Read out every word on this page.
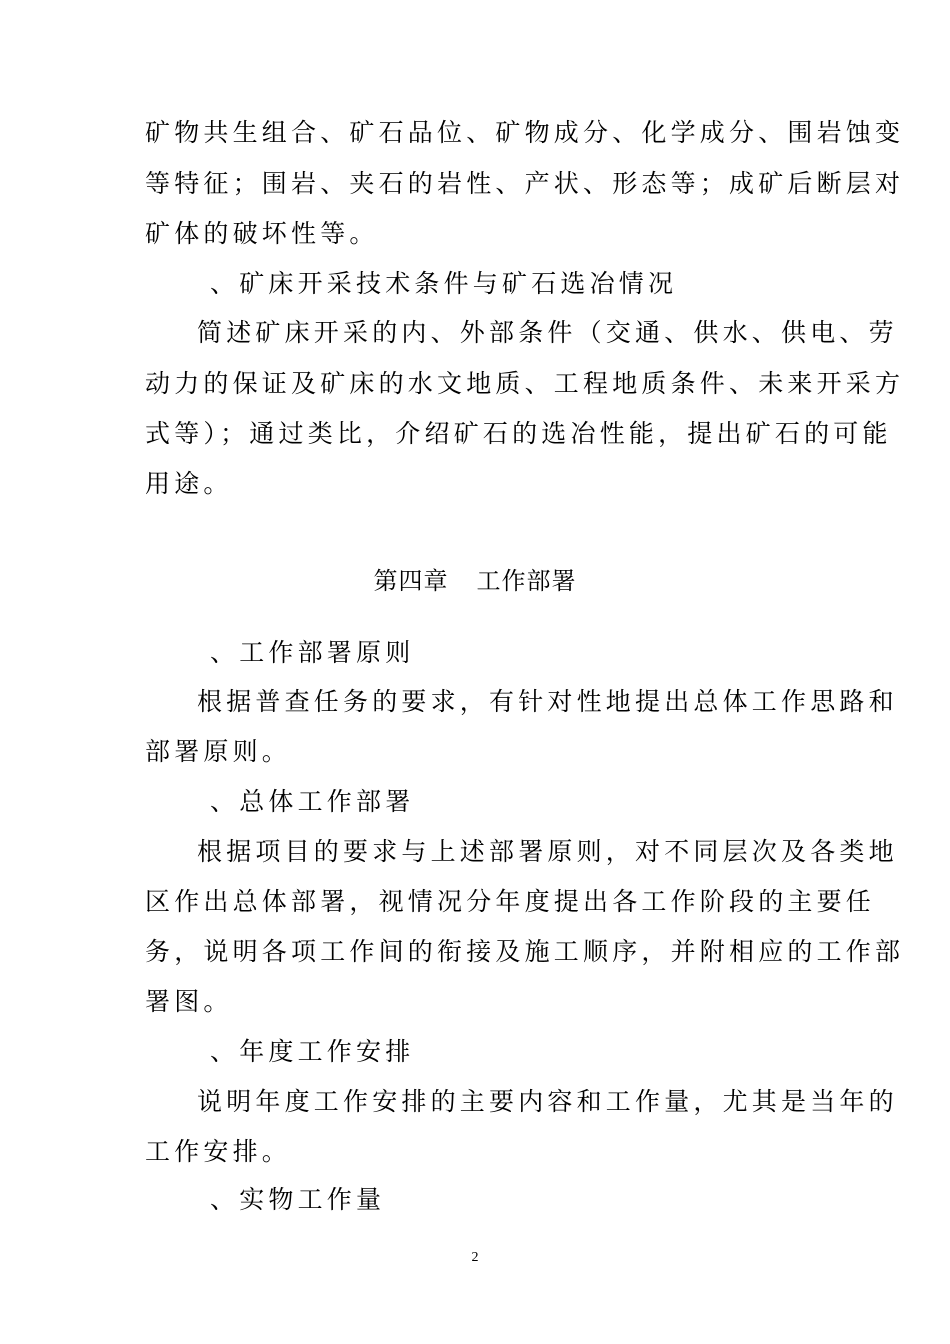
矿物共生组合、矿石品位、矿物成分、化学成分、围岩蚀变
等特征；围岩、夹石的岩性、产状、形态等；成矿后断层对
矿体的破坏性等。
、矿床开采技术条件与矿石选冶情况
简述矿床开采的内、外部条件（交通、供水、供电、劳
动力的保证及矿床的水文地质、工程地质条件、未来开采方
式等）；通过类比，介绍矿石的选冶性能，提出矿石的可能
用途。
第四章 工作部署
、工作部署原则
根据普查任务的要求，有针对性地提出总体工作思路和
部署原则。
、总体工作部署
根据项目的要求与上述部署原则，对不同层次及各类地
区作出总体部署，视情况分年度提出各工作阶段的主要任
务，说明各项工作间的衔接及施工顺序，并附相应的工作部
署图。
、年度工作安排
说明年度工作安排的主要内容和工作量，尤其是当年的
工作安排。
、实物工作量
2
